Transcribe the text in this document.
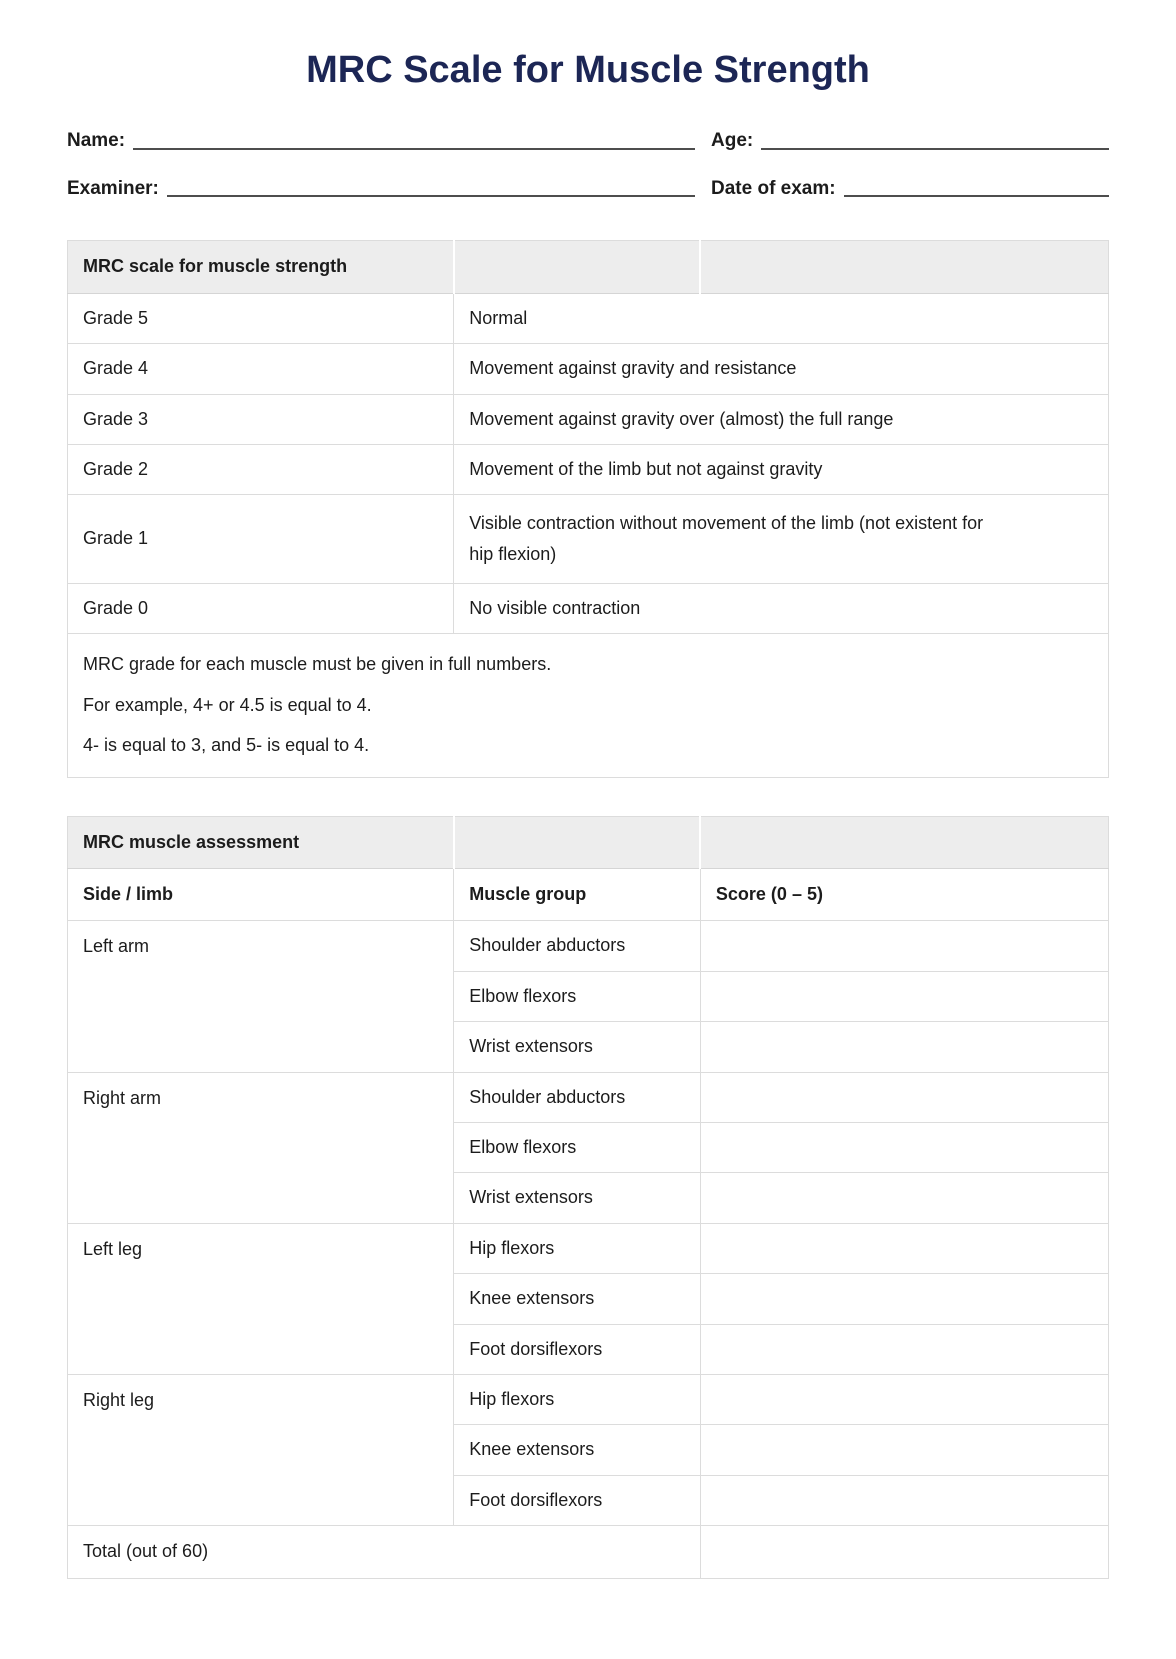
MRC Scale for Muscle Strength
Name:	Age:
Examiner:	Date of exam:
MRC scale for muscle strength		
Grade 5	Normal	
Grade 4	Movement against gravity and resistance	
Grade 3	Movement against gravity over (almost) the full range	
Grade 2	Movement of the limb but not against gravity	
Grade 1	Visible contraction without movement of the limb (not existent for hip flexion)	

Grade 0	No visible contraction	

MRC grade for each muscle must be given in full numbers.

For example, 4+ or 4.5 is equal to 4.

4- is equal to 3, and 5- is equal to 4.		

MRC muscle assessment		
Side / limb	Muscle group	Score (0 – 5)
Left arm	Shoulder abductors	
	Elbow flexors	
	Wrist extensors	
Right arm	Shoulder abductors	
	Elbow flexors	
	Wrist extensors	
Left leg	Hip flexors	
	Knee extensors	
	Foot dorsiflexors	
Right leg	Hip flexors	
	Knee extensors	
	Foot dorsiflexors	
Total (out of 60)		
